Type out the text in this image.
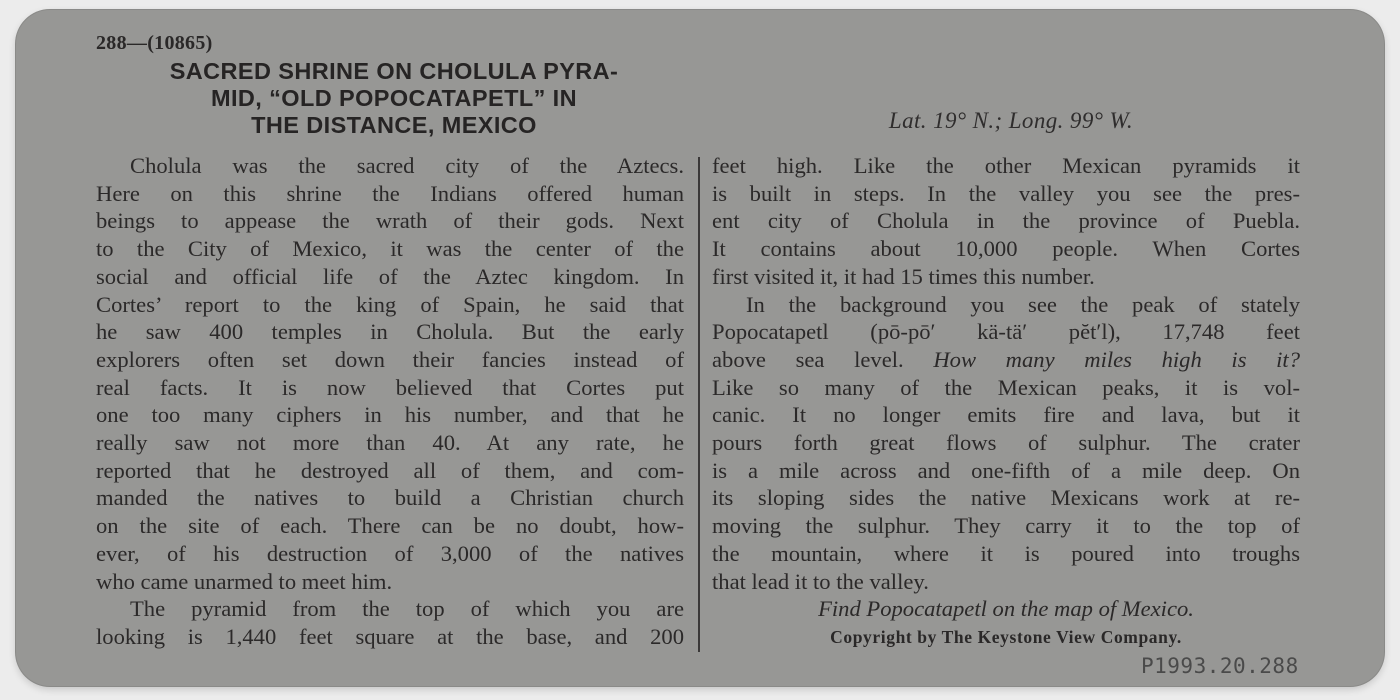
288—(10865)
SACRED SHRINE ON CHOLULA PYRA-
MID, “OLD POPOCATAPETL” IN
THE DISTANCE, MEXICO	Lat. 19° N.; Long. 99° W.
Cholula was the sacred city of the Aztecs.
Here on this shrine the Indians offered human
beings to appease the wrath of their gods. Next
to the City of Mexico, it was the center of the
social and official life of the Aztec kingdom. In
Cortes’ report to the king of Spain, he said that
he saw 400 temples in Cholula. But the early
explorers often set down their fancies instead of
real facts. It is now believed that Cortes put
one too many ciphers in his number, and that he
really saw not more than 40. At any rate, he
reported that he destroyed all of them, and com-
manded the natives to build a Christian church
on the site of each. There can be no doubt, how-
ever, of his destruction of 3,000 of the natives
who came unarmed to meet him.
The pyramid from the top of which you are
looking is 1,440 feet square at the base, and 200
feet high. Like the other Mexican pyramids it
is built in steps. In the valley you see the pres-
ent city of Cholula in the province of Puebla.
It contains about 10,000 people. When Cortes
first visited it, it had 15 times this number.
In the background you see the peak of stately
Popocatapetl (pō-pō′ kä-tä′ pĕt′l), 17,748 feet
above sea level. How many miles high is it?
Like so many of the Mexican peaks, it is vol-
canic. It no longer emits fire and lava, but it
pours forth great flows of sulphur. The crater
is a mile across and one-fifth of a mile deep. On
its sloping sides the native Mexicans work at re-
moving the sulphur. They carry it to the top of
the mountain, where it is poured into troughs
that lead it to the valley.
Find Popocatapetl on the map of Mexico.
Copyright by The Keystone View Company.
P1993.20.288
